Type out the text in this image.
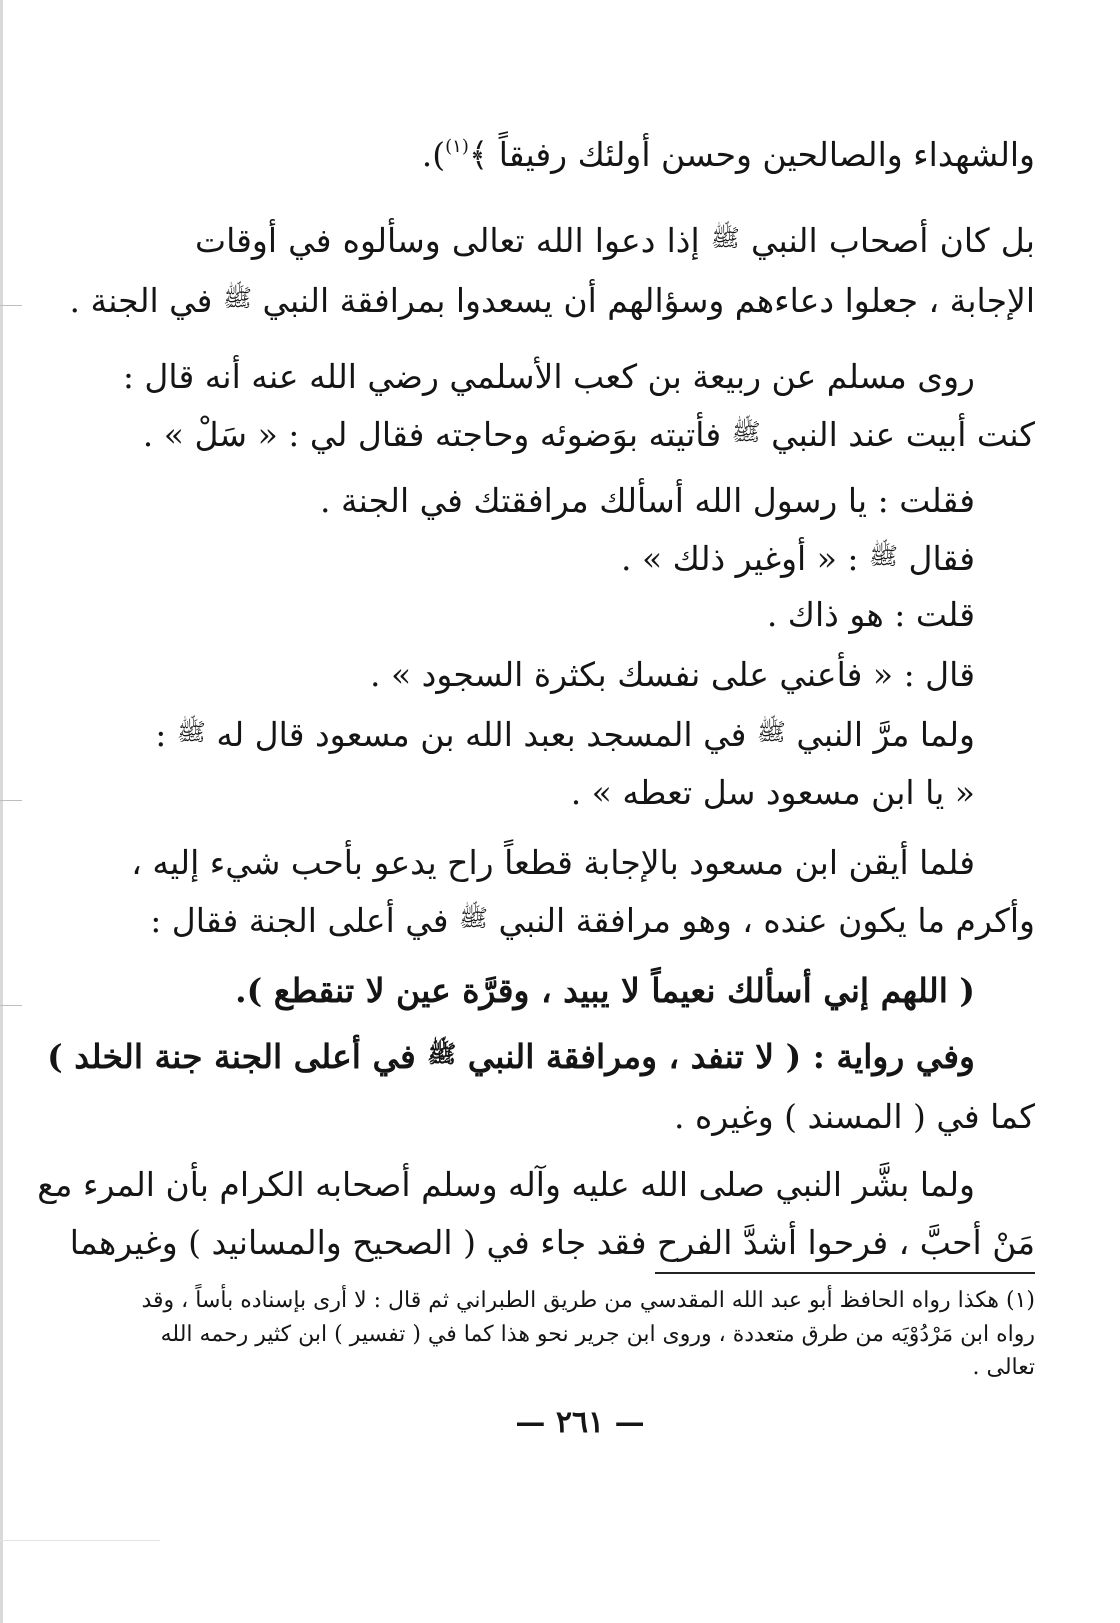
والشهداء والصالحين وحسن أولئك رفيقاً ﴾$^{(١)}$).
بل كان أصحاب النبي ﷺ إذا دعوا الله تعالى وسألوه في أوقات
الإجابة ، جعلوا دعاءهم وسؤالهم أن يسعدوا بمرافقة النبي ﷺ في الجنة .
روى مسلم عن ربيعة بن كعب الأسلمي رضي الله عنه أنه قال :
كنت أبيت عند النبي ﷺ فأتيته بوَضوئه وحاجته فقال لي : « سَلْ » .
فقلت : يا رسول الله أسألك مرافقتك في الجنة .
فقال ﷺ : « أوغير ذلك » .
قلت : هو ذاك .
قال : « فأعني على نفسك بكثرة السجود » .
ولما مرَّ النبي ﷺ في المسجد بعبد الله بن مسعود قال له ﷺ :
« يا ابن مسعود سل تعطه » .
فلما أيقن ابن مسعود بالإجابة قطعاً راح يدعو بأحب شيء إليه ،
وأكرم ما يكون عنده ، وهو مرافقة النبي ﷺ في أعلى الجنة فقال :
( اللهم إني أسألك نعيماً لا يبيد ، وقرَّة عين لا تنقطع ).
وفي رواية : ( لا تنفد ، ومرافقة النبي ﷺ في أعلى الجنة جنة الخلد )
كما في ( المسند ) وغيره .
ولما بشَّر النبي صلى الله عليه وآله وسلم أصحابه الكرام بأن المرء مع
مَنْ أحبَّ ، فرحوا أشدَّ الفرح فقد جاء في ( الصحيح والمسانيد ) وغيرهما
(١) هكذا رواه الحافظ أبو عبد الله المقدسي من طريق الطبراني ثم قال : لا أرى بإسناده بأساً ، وقد
رواه ابن مَرْدُوْيَه من طرق متعددة ، وروى ابن جرير نحو هذا كما في ( تفسير ) ابن كثير رحمه الله
تعالى .
— ٢٦١ —
